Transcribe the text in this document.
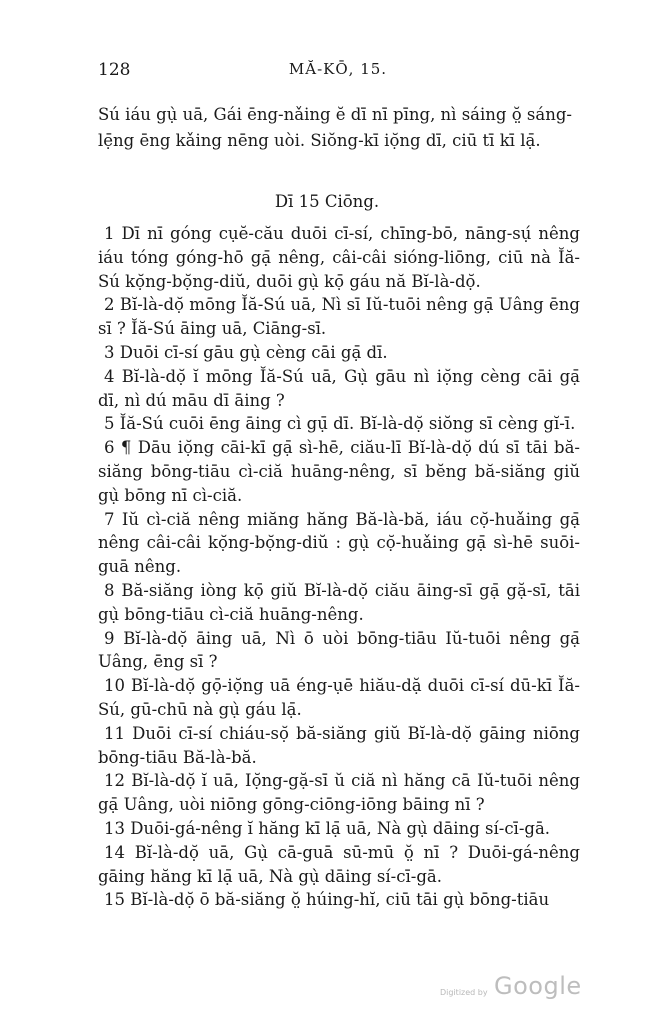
128	MĂ-KŌ, 15.
Sú iáu gụ̀ uā, Gái ēng-nǎing ĕ dī nī pīng, nì sáing ŏ̤ sáng-
lẹ̄ng ēng kǎing nēng uòi. Siŏng-kī iọ̆ng dī, ciū tī kī lạ̄.
Dī 15 Ciōng.

1 Dī nī góng cụĕ-cău duōi cī-sí, chīng-bō, nāng-sụ́ nêng iáu tóng góng-hō gạ̄ nêng, câi-câi sióng-liōng, ciū nà Ĭă-Sú kọ̆ng-bọ̆ng-diŭ, duōi gụ̀ kọ̄ gáu nă Bĭ-là-dọ̆.

2 Bĭ-là-dọ̆ mōng Ĭă-Sú uā, Nì sī Iŭ-tuōi nêng gạ̄ Uâng ēng sī ? Ĭă-Sú āing uā, Ciāng-sī.

3 Duōi cī-sí gāu gụ̀ cèng cāi gạ̄ dī.

4 Bĭ-là-dọ̆ ĭ mōng Ĭă-Sú uā, Gụ̀ gāu nì iọ̆ng cèng cāi gạ̄ dī, nì dú māu dī āing ?

5 Ĭă-Sú cuōi ēng āing cì gụ̄ dī. Bĭ-là-dọ̆ siŏng sī cèng gĭ-ī.

6 ¶ Dāu iọ̆ng cāi-kī gạ̄ sì-hē, ciău-lī Bĭ-là-dọ̆ dú sī tāi bă-siăng bōng-tiāu cì-ciă huāng-nêng, sī bĕng bă-siăng giŭ gụ̀ bōng nī cì-ciă.

7 Iŭ cì-ciă nêng miăng hăng Bă-là-bă, iáu cọ̆-huǎing gạ̄ nêng câi-câi kọ̆ng-bọ̆ng-diŭ : gụ̀ cọ̆-huǎing gạ̄ sì-hē suōi-guā nêng.

8 Bă-siăng iòng kọ̄ giŭ Bĭ-là-dọ̆ ciău āing-sī gạ̄ gặ-sī, tāi gụ̀ bōng-tiāu cì-ciă huāng-nêng.

9 Bĭ-là-dọ̆ āing uā, Nì ō uòi bōng-tiāu Iŭ-tuōi nêng gạ̄ Uâng, ēng sī ?

10 Bĭ-là-dọ̆ gọ̄-iọ̆ng uā éng-ụē hiău-dặ duōi cī-sí dū-kī Ĭă-Sú, gū-chū nà gụ̀ gáu lạ̄.

11 Duōi cī-sí chiáu-sọ̆ bă-siăng giŭ Bĭ-là-dọ̆ gāing niōng bōng-tiāu Bă-là-bă.

12 Bĭ-là-dọ̆ ĭ uā, Iọ̆ng-gặ-sī ŭ ciă nì hăng cā Iŭ-tuōi nêng gạ̄ Uâng, uòi niōng gōng-ciōng-iōng bāing nī ?

13 Duōi-gá-nêng ĭ hăng kī lạ̄ uā, Nà gụ̀ dāing sí-cī-gā.

14 Bĭ-là-dọ̆ uā, Gụ̀ cā-guā sū-mū ŏ̤ nī ? Duōi-gá-nêng gāing hăng kī lạ̄ uā, Nà gụ̀ dāing sí-cī-gā.

15 Bĭ-là-dọ̆ ō bă-siăng ŏ̤ húing-hĭ, ciū tāi gụ̀ bōng-tiāu

Digitized by Google
